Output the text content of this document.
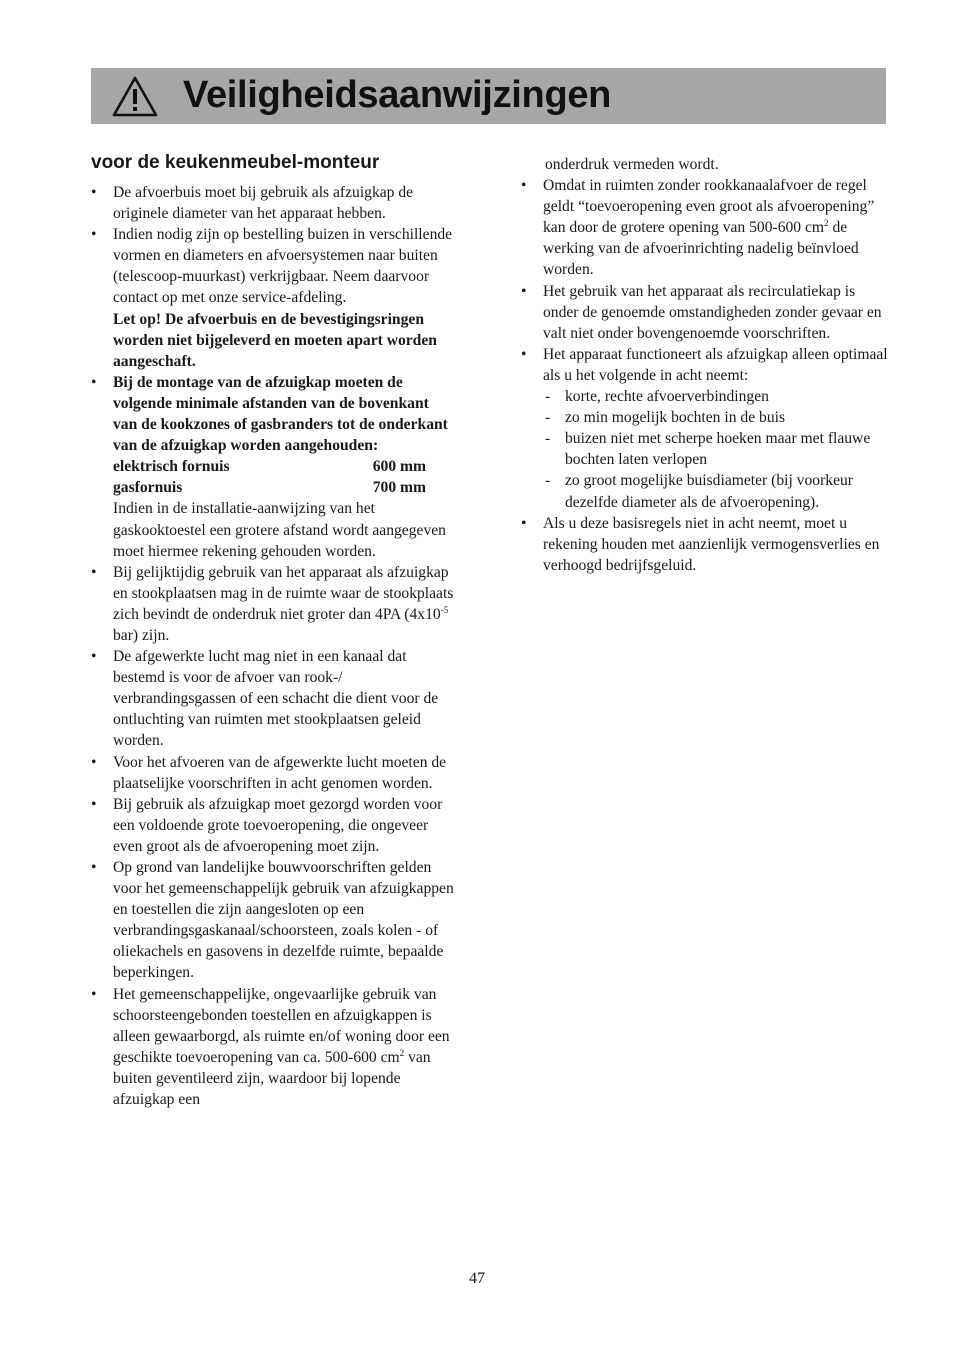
Veiligheidsaanwijzingen
voor de keukenmeubel-monteur
• De afvoerbuis moet bij gebruik als afzuigkap de originele diameter van het apparaat hebben.
• Indien nodig zijn op bestelling buizen in verschillende vormen en diameters en afvoersystemen naar buiten (telescoop-muurkast) verkrijgbaar. Neem daarvoor contact op met onze service-afdeling.
Let op! De afvoerbuis en de bevestigingsringen worden niet bijgeleverd en moeten apart worden aangeschaft.
• Bij de montage van de afzuigkap moeten de volgende minimale afstanden van de bovenkant van de kookzones of gasbranders tot de onderkant van de afzuigkap worden aangehouden:
elektrisch fornuis	600 mm
gasfornuis	700 mm
Indien in de installatie-aanwijzing van het gaskooktoestel een grotere afstand wordt aangegeven moet hiermee rekening gehouden worden.
• Bij gelijktijdig gebruik van het apparaat als afzuigkap en stookplaatsen mag in de ruimte waar de stookplaats zich bevindt de onderdruk niet groter dan 4PA ($4x10^{-5}$ bar) zijn.
• De afgewerkte lucht mag niet in een kanaal dat bestemd is voor de afvoer van rook-/ verbrandingsgassen of een schacht die dient voor de ontluchting van ruimten met stookplaatsen geleid worden.
• Voor het afvoeren van de afgewerkte lucht moeten de plaatselijke voorschriften in acht genomen worden.
• Bij gebruik als afzuigkap moet gezorgd worden voor een voldoende grote toevoeropening, die ongeveer even groot als de afvoeropening moet zijn.
• Op grond van landelijke bouwvoorschriften gelden voor het gemeenschappelijk gebruik van afzuigkappen en toestellen die zijn aangesloten op een verbrandingsgaskanaal/schoorsteen, zoals kolen - of oliekachels en gasovens in dezelfde ruimte, bepaalde beperkingen.
• Het gemeenschappelijke, ongevaarlijke gebruik van schoorsteengebonden toestellen en afzuigkappen is alleen gewaarborgd, als ruimte en/of woning door een geschikte toevoeropening van ca. 500-600 $cm^2$ van buiten geventileerd zijn, waardoor bij lopende afzuigkap een
onderdruk vermeden wordt.
• Omdat in ruimten zonder rookkanaalafvoer de regel geldt “toevoeropening even groot als afvoeropening” kan door de grotere opening van 500-600 $cm^2$ de werking van de afvoerinrichting nadelig beïnvloed worden.
• Het gebruik van het apparaat als recirculatiekap is onder de genoemde omstandigheden zonder gevaar en valt niet onder bovengenoemde voorschriften.
• Het apparaat functioneert als afzuigkap alleen optimaal als u het volgende in acht neemt:
- korte, rechte afvoerverbindingen
- zo min mogelijk bochten in de buis
- buizen niet met scherpe hoeken maar met flauwe bochten laten verlopen
- zo groot mogelijke buisdiameter (bij voorkeur dezelfde diameter als de afvoeropening).
• Als u deze basisregels niet in acht neemt, moet u rekening houden met aanzienlijk vermogensverlies en verhoogd bedrijfsgeluid.
47
